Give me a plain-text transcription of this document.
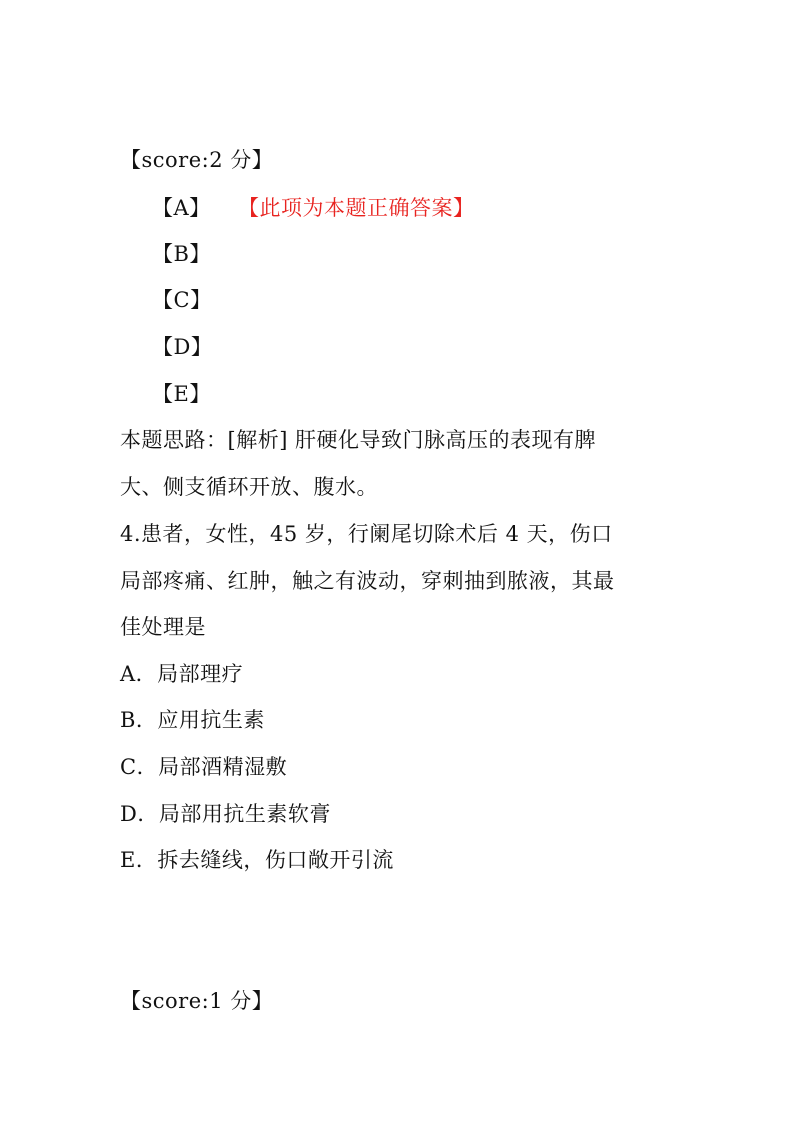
【score:2 分】
【A】 【此项为本题正确答案】
【B】
【C】
【D】
【E】
本题思路：[解析] 肝硬化导致门脉高压的表现有脾
大、侧支循环开放、腹水。
4.患者，女性，45 岁，行阑尾切除术后 4 天，伤口
局部疼痛、红肿，触之有波动，穿刺抽到脓液，其最
佳处理是
A．局部理疗
B．应用抗生素
C．局部酒精湿敷
D．局部用抗生素软膏
E．拆去缝线，伤口敞开引流
【score:1 分】
